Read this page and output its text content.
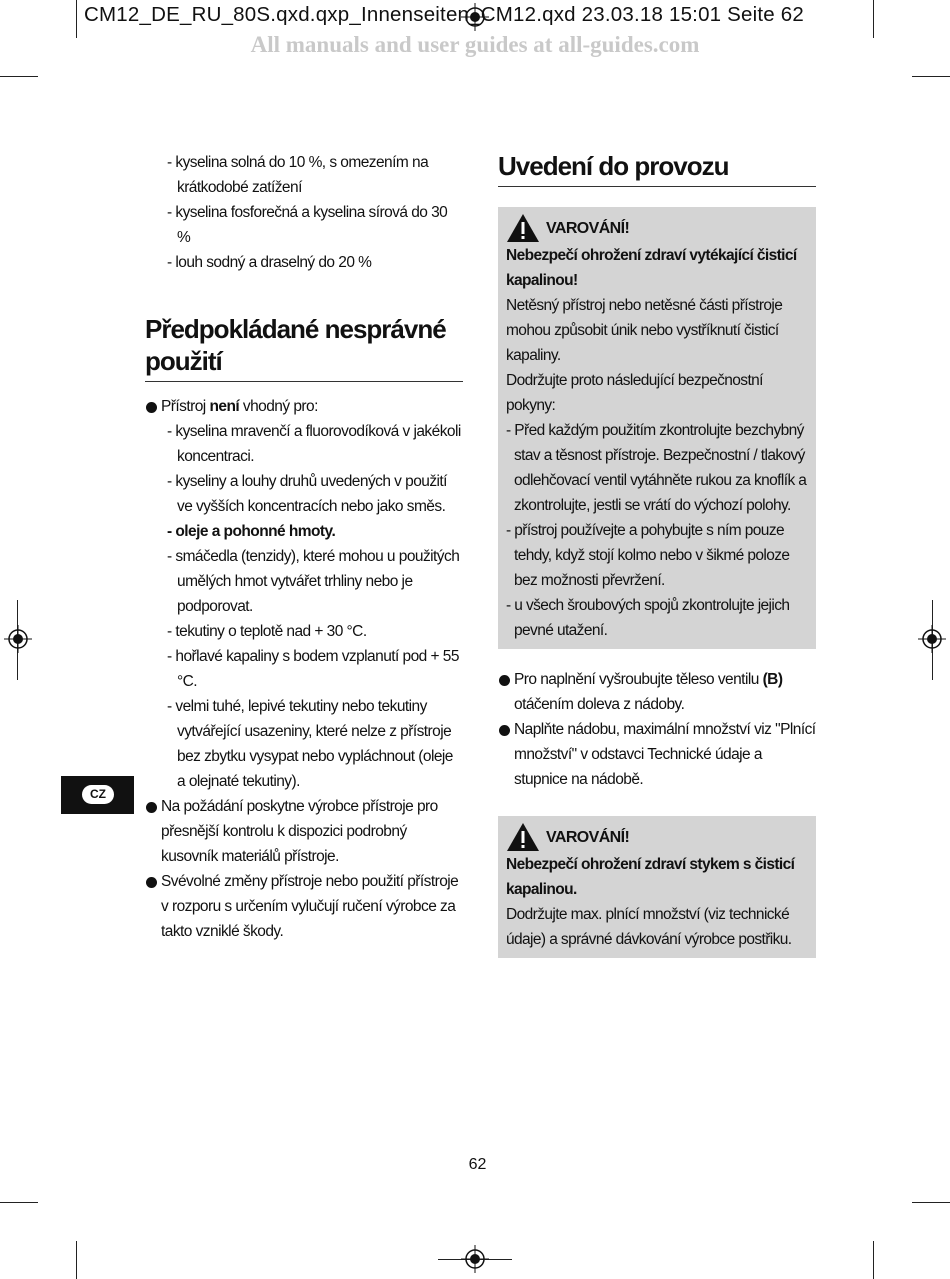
CM12_DE_RU_80S.qxd.qxp_Innenseiten_CM12.qxd 23.03.18 15:01 Seite 62
All manuals and user guides at all-guides.com
- kyselina solná do 10 %, s omezením na krátkodobé zatížení
- kyselina fosforečná a kyselina sírová do 30 %
- louh sodný a draselný do 20 %
Předpokládané nesprávné použití
Přístroj není vhodný pro:
- kyselina mravenčí a fluorovodíková v jakékoli koncentraci.
- kyseliny a louhy druhů uvedených v použití ve vyšších koncentracích nebo jako směs.
- oleje a pohonné hmoty.
- smáčedla (tenzidy), které mohou u použitých umělých hmot vytvářet trhliny nebo je podporovat.
- tekutiny o teplotě nad + 30 °C.
- hořlavé kapaliny s bodem vzplanutí pod + 55 °C.
- velmi tuhé, lepivé tekutiny nebo tekutiny vytvářející usazeniny, které nelze z přístroje bez zbytku vysypat nebo vypláchnout (oleje a olejnaté tekutiny).
Na požádání poskytne výrobce přístroje pro přesnější kontrolu k dispozici podrobný kusovník materiálů přístroje.
Svévolné změny přístroje nebo použití přístroje v rozporu s určením vylučují ručení výrobce za takto vzniklé škody.
Uvedení do provozu
VAROVÁNÍ!
Nebezpečí ohrožení zdraví vytékající čisticí kapalinou!
Netěsný přístroj nebo netěsné části přístroje mohou způsobit únik nebo vystříknutí čisticí kapaliny.
Dodržujte proto následující bezpečnostní pokyny:
- Před každým použitím zkontrolujte bezchybný stav a těsnost přístroje. Bezpečnostní / tlakový odlehčovací ventil vytáhněte rukou za knoflík a zkontrolujte, jestli se vrátí do výchozí polohy.
- přístroj používejte a pohybujte s ním pouze tehdy, když stojí kolmo nebo v šikmé poloze bez možnosti převržení.
- u všech šroubových spojů zkontrolujte jejich pevné utažení.
Pro naplnění vyšroubujte těleso ventilu (B) otáčením doleva z nádoby.
Naplňte nádobu, maximální množství viz "Plnící množství" v odstavci Technické údaje a stupnice na nádobě.
VAROVÁNÍ!
Nebezpečí ohrožení zdraví stykem s čisticí kapalinou.
Dodržujte max. plnící množství (viz technické údaje) a správné dávkování výrobce postřiku.
CZ
62
